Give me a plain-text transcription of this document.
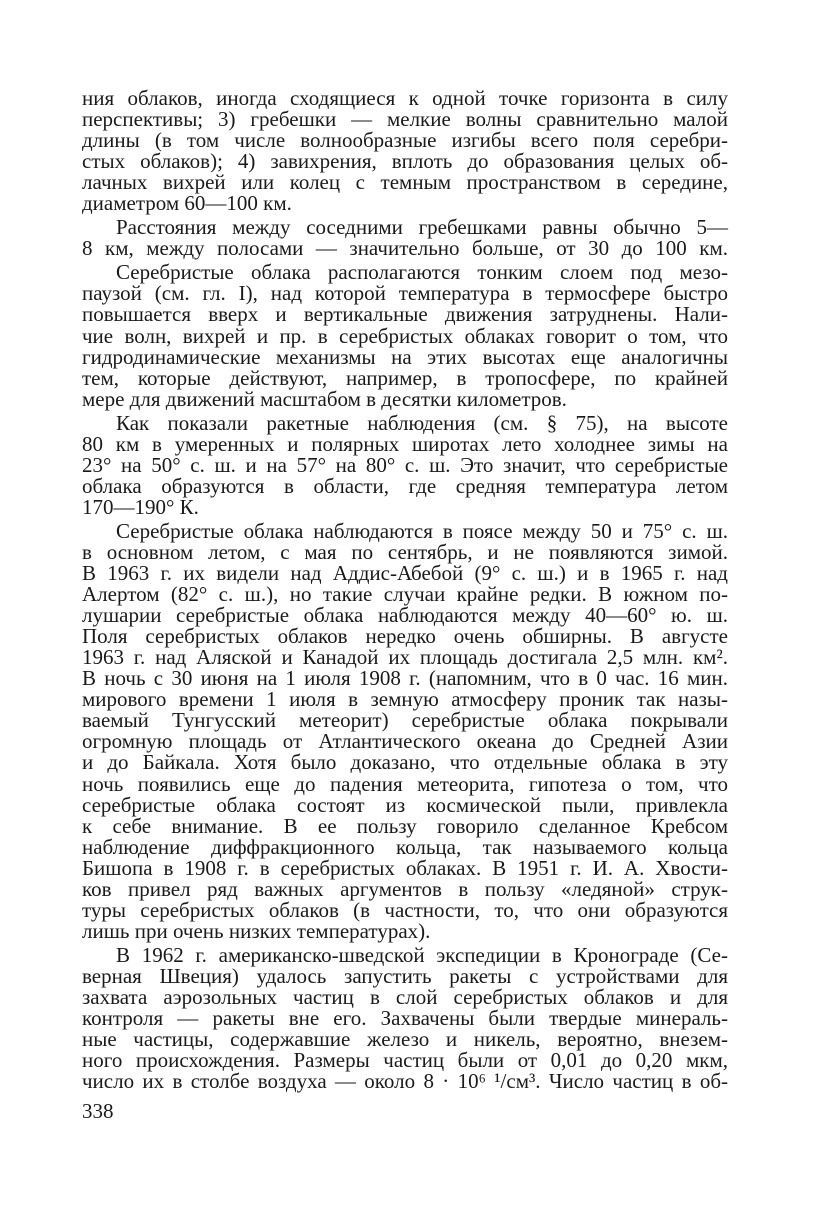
ния облаков, иногда сходящиеся к одной точке горизонта в силу
перспективы; 3) гребешки — мелкие волны сравнительно малой
длины (в том числе волнообразные изгибы всего поля серебри-
стых облаков); 4) завихрения, вплоть до образования целых об-
лачных вихрей или колец с темным пространством в середине,
диаметром 60—100 км.
Расстояния между соседними гребешками равны обычно 5—
8 км, между полосами — значительно больше, от 30 до 100 км.
Серебристые облака располагаются тонким слоем под мезо-
паузой (см. гл. I), над которой температура в термосфере быстро
повышается вверх и вертикальные движения затруднены. Нали-
чие волн, вихрей и пр. в серебристых облаках говорит о том, что
гидродинамические механизмы на этих высотах еще аналогичны
тем, которые действуют, например, в тропосфере, по крайней
мере для движений масштабом в десятки километров.
Как показали ракетные наблюдения (см. § 75), на высоте
80 км в умеренных и полярных широтах лето холоднее зимы на
23° на 50° с. ш. и на 57° на 80° с. ш. Это значит, что серебристые
облака образуются в области, где средняя температура летом
170—190° К.
Серебристые облака наблюдаются в поясе между 50 и 75° с. ш.
в основном летом, с мая по сентябрь, и не появляются зимой.
В 1963 г. их видели над Аддис-Абебой (9° с. ш.) и в 1965 г. над
Алертом (82° с. ш.), но такие случаи крайне редки. В южном по-
лушарии серебристые облака наблюдаются между 40—60° ю. ш.
Поля серебристых облаков нередко очень обширны. В августе
1963 г. над Аляской и Канадой их площадь достигала 2,5 млн. км².
В ночь с 30 июня на 1 июля 1908 г. (напомним, что в 0 час. 16 мин.
мирового времени 1 июля в земную атмосферу проник так назы-
ваемый Тунгусский метеорит) серебристые облака покрывали
огромную площадь от Атлантического океана до Средней Азии
и до Байкала. Хотя было доказано, что отдельные облака в эту
ночь появились еще до падения метеорита, гипотеза о том, что
серебристые облака состоят из космической пыли, привлекла
к себе внимание. В ее пользу говорило сделанное Кребсом
наблюдение диффракционного кольца, так называемого кольца
Бишопа в 1908 г. в серебристых облаках. В 1951 г. И. А. Хвости-
ков привел ряд важных аргументов в пользу «ледяной» струк-
туры серебристых облаков (в частности, то, что они образуются
лишь при очень низких температурах).
В 1962 г. американско-шведской экспедиции в Кронограде (Се-
верная Швеция) удалось запустить ракеты с устройствами для
захвата аэрозольных частиц в слой серебристых облаков и для
контроля — ракеты вне его. Захвачены были твердые минераль-
ные частицы, содержавшие железо и никель, вероятно, внезем-
ного происхождения. Размеры частиц были от 0,01 до 0,20 мкм,
число их в столбе воздуха — около 8 · 10⁶ ¹/см³. Число частиц в об-
338
